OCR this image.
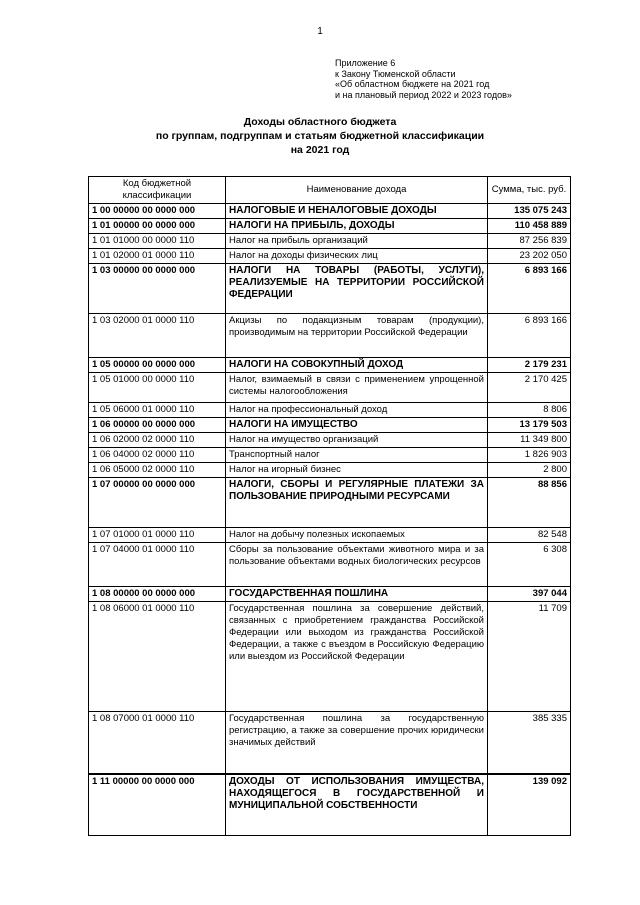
1
Приложение 6
к Закону Тюменской области
«Об областном бюджете на 2021 год
и на плановый период 2022 и 2023 годов»
Доходы областного бюджета
по группам, подгруппам и статьям бюджетной классификации
на 2021 год
Код бюджетной классификации	Наименование дохода	Сумма, тыс. руб.
1 00 00000 00 0000 000	НАЛОГОВЫЕ И НЕНАЛОГОВЫЕ ДОХОДЫ	135 075 243
1 01 00000 00 0000 000	НАЛОГИ НА ПРИБЫЛЬ, ДОХОДЫ	110 458 889
1 01 01000 00 0000 110	Налог на прибыль организаций	87 256 839
1 01 02000 01 0000 110	Налог на доходы физических лиц	23 202 050
1 03 00000 00 0000 000	НАЛОГИ НА ТОВАРЫ (РАБОТЫ, УСЛУГИ), РЕАЛИЗУЕМЫЕ НА ТЕРРИТОРИИ РОССИЙСКОЙ ФЕДЕРАЦИИ	6 893 166
1 03 02000 01 0000 110	Акцизы по подакцизным товарам (продукции), производимым на территории Российской Федерации	6 893 166
1 05 00000 00 0000 000	НАЛОГИ НА СОВОКУПНЫЙ ДОХОД	2 179 231
1 05 01000 00 0000 110	Налог, взимаемый в связи с применением упрощенной системы налогообложения	2 170 425
1 05 06000 01 0000 110	Налог на профессиональный доход	8 806
1 06 00000 00 0000 000	НАЛОГИ НА ИМУЩЕСТВО	13 179 503
1 06 02000 02 0000 110	Налог на имущество организаций	11 349 800
1 06 04000 02 0000 110	Транспортный налог	1 826 903
1 06 05000 02 0000 110	Налог на игорный бизнес	2 800
1 07 00000 00 0000 000	НАЛОГИ, СБОРЫ И РЕГУЛЯРНЫЕ ПЛАТЕЖИ ЗА ПОЛЬЗОВАНИЕ ПРИРОДНЫМИ РЕСУРСАМИ	88 856
1 07 01000 01 0000 110	Налог на добычу полезных ископаемых	82 548
1 07 04000 01 0000 110	Сборы за пользование объектами животного мира и за пользование объектами водных биологических ресурсов	6 308
1 08 00000 00 0000 000	ГОСУДАРСТВЕННАЯ ПОШЛИНА	397 044
1 08 06000 01 0000 110	Государственная пошлина за совершение действий, связанных с приобретением гражданства Российской Федерации или выходом из гражданства Российской Федерации, а также с въездом в Российскую Федерацию или выездом из Российской Федерации	11 709
1 08 07000 01 0000 110	Государственная пошлина за государственную регистрацию, а также за совершение прочих юридически значимых действий	385 335
1 11 00000 00 0000 000	ДОХОДЫ ОТ ИСПОЛЬЗОВАНИЯ ИМУЩЕСТВА, НАХОДЯЩЕГОСЯ В ГОСУДАРСТВЕННОЙ И МУНИЦИПАЛЬНОЙ СОБСТВЕННОСТИ	139 092
